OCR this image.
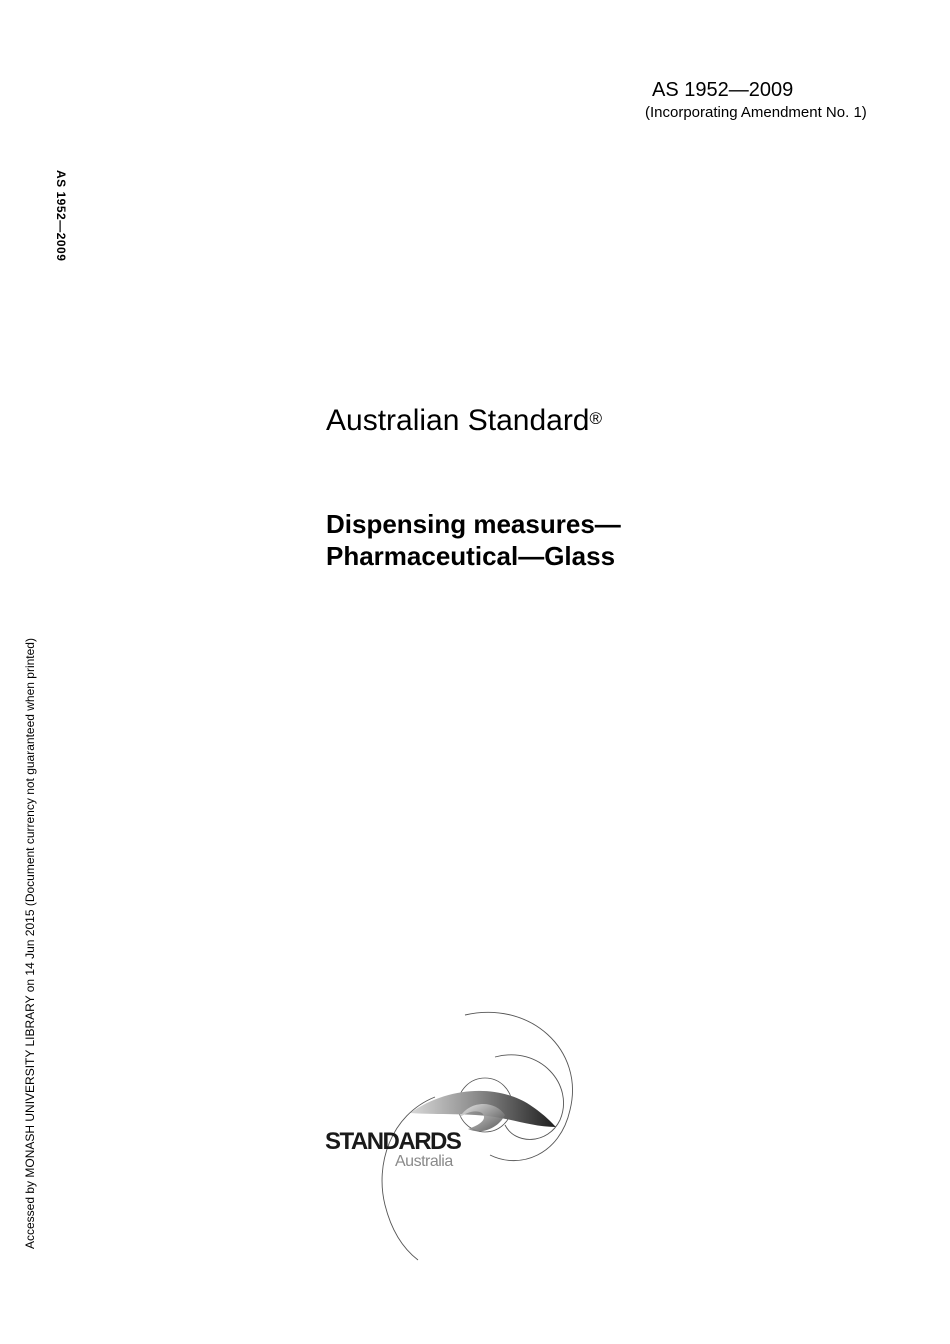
AS 1952—2009
(Incorporating Amendment No. 1)
AS 1952—2009
Accessed by MONASH UNIVERSITY LIBRARY on 14 Jun 2015 (Document currency not guaranteed when printed)
Australian Standard®
Dispensing measures—
Pharmaceutical—Glass
STANDARDS
Australia
